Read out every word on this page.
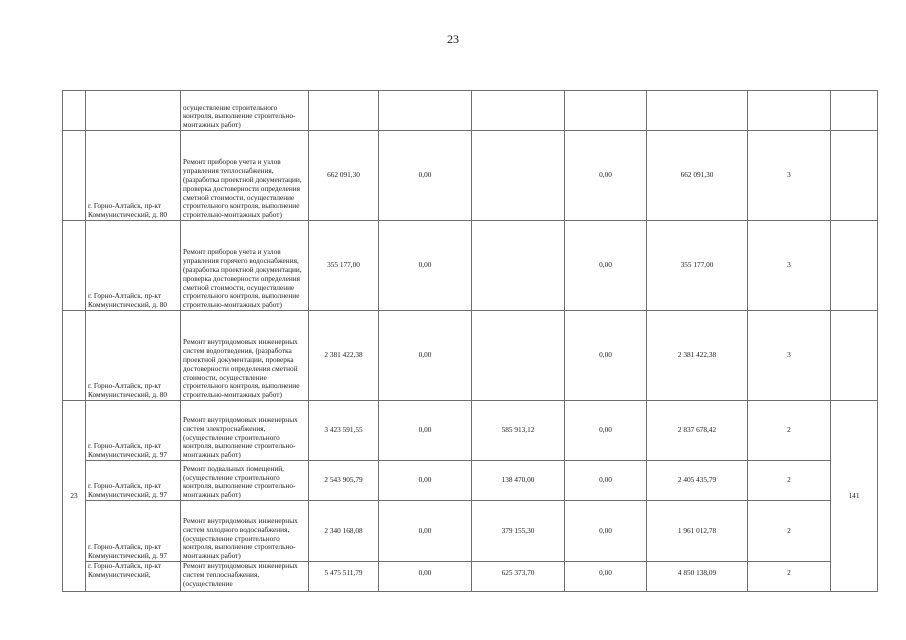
23
		осуществление строительного контроля, выполнение строительно-монтажных работ)							
	г. Горно-Алтайск, пр-кт Коммунистический, д. 80	Ремонт приборов учета и узлов управления теплоснабжения, (разработка проектной документации, проверка достоверности определения сметной стоимости, осуществление строительного контроля, выполнение строительно-монтажных работ)	662 091,30	0,00		0,00	662 091,30	3	
	г. Горно-Алтайск, пр-кт Коммунистический, д. 80	Ремонт приборов учета и узлов управления горячего водоснабжения, (разработка проектной документации, проверка достоверности определения сметной стоимости, осуществление строительного контроля, выполнение строительно-монтажных работ)	355 177,00	0,00		0,00	355 177,00	3	
	г. Горно-Алтайск, пр-кт Коммунистический, д. 80	Ремонт внутридомовых инженерных систем водоотведения, (разработка проектной документации, проверка достоверности определения сметной стоимости, осуществление строительного контроля, выполнение строительно-монтажных работ)	2 381 422,38	0,00		0,00	2 381 422,38	3	
23	г. Горно-Алтайск, пр-кт Коммунистический, д. 97	Ремонт внутридомовых инженерных систем электроснабжения, (осуществление строительного контроля, выполнение строительно-монтажных работ)	3 423 591,55	0,00	585 913,12	0,00	2 837 678,42	2	141
	г. Горно-Алтайск, пр-кт Коммунистический, д. 97	Ремонт подвальных помещений, (осуществление строительного контроля, выполнение строительно-монтажных работ)	2 543 905,79	0,00	138 470,00	0,00	2 405 435,79	2	
	г. Горно-Алтайск, пр-кт Коммунистический, д. 97	Ремонт внутридомовых инженерных систем холодного водоснабжения, (осуществление строительного контроля, выполнение строительно-монтажных работ)	2 340 168,08	0,00	379 155,30	0,00	1 961 012,78	2	
	г. Горно-Алтайск, пр-кт Коммунистический,	Ремонт внутридомовых инженерных систем теплоснабжения, (осуществление	5 475 511,79	0,00	625 373,70	0,00	4 850 138,09	2	
